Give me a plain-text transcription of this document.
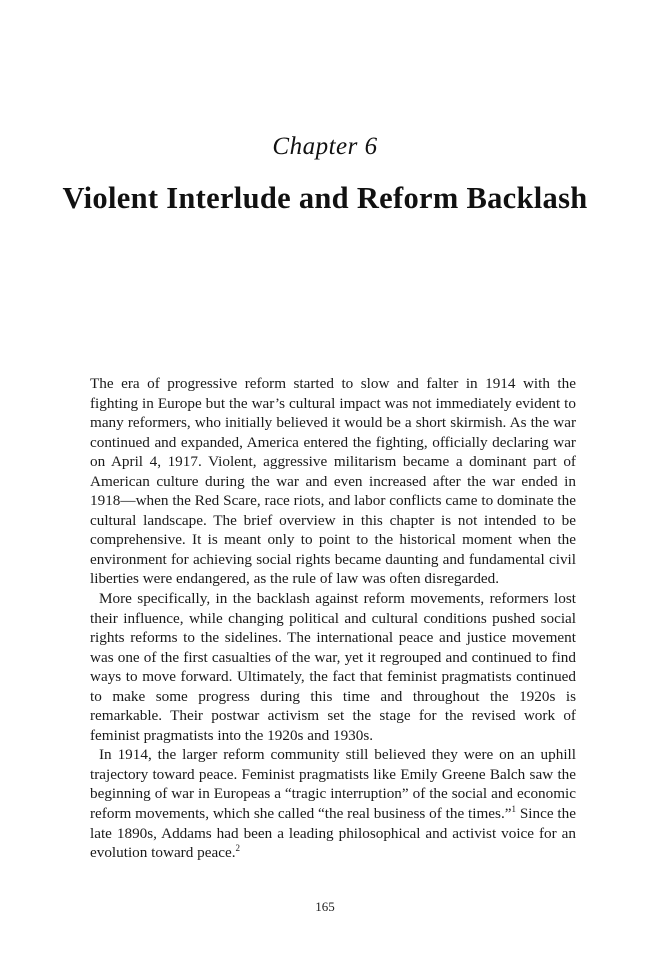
Chapter 6
Violent Interlude and Reform Backlash

The era of progressive reform started to slow and falter in 1914 with the fighting in Europe but the war’s cultural impact was not immediately evident to many reformers, who initially believed it would be a short skirmish. As the war continued and expanded, America entered the fighting, officially declaring war on April 4, 1917. Violent, aggressive militarism became a dominant part of American culture during the war and even increased after the war ended in 1918—when the Red Scare, race riots, and labor conflicts came to dominate the cultural landscape. The brief overview in this chapter is not intended to be comprehensive. It is meant only to point to the historical moment when the environment for achieving social rights became daunting and fundamental civil liberties were endangered, as the rule of law was often disregarded.

More specifically, in the backlash against reform movements, reformers lost their influence, while changing political and cultural conditions pushed social rights reforms to the sidelines. The international peace and justice movement was one of the first casualties of the war, yet it regrouped and continued to find ways to move forward. Ultimately, the fact that feminist pragmatists continued to make some progress during this time and throughout the 1920s is remarkable. Their postwar activism set the stage for the revised work of feminist pragmatists into the 1920s and 1930s.

In 1914, the larger reform community still believed they were on an uphill trajectory toward peace. Feminist pragmatists like Emily Greene Balch saw the beginning of war in Europeas a “tragic interruption” of the social and economic reform movements, which she called “the real business of the times.”$^1$ Since the late 1890s, Addams had been a leading philosophical and activist voice for an evolution toward peace.$^2$

165
